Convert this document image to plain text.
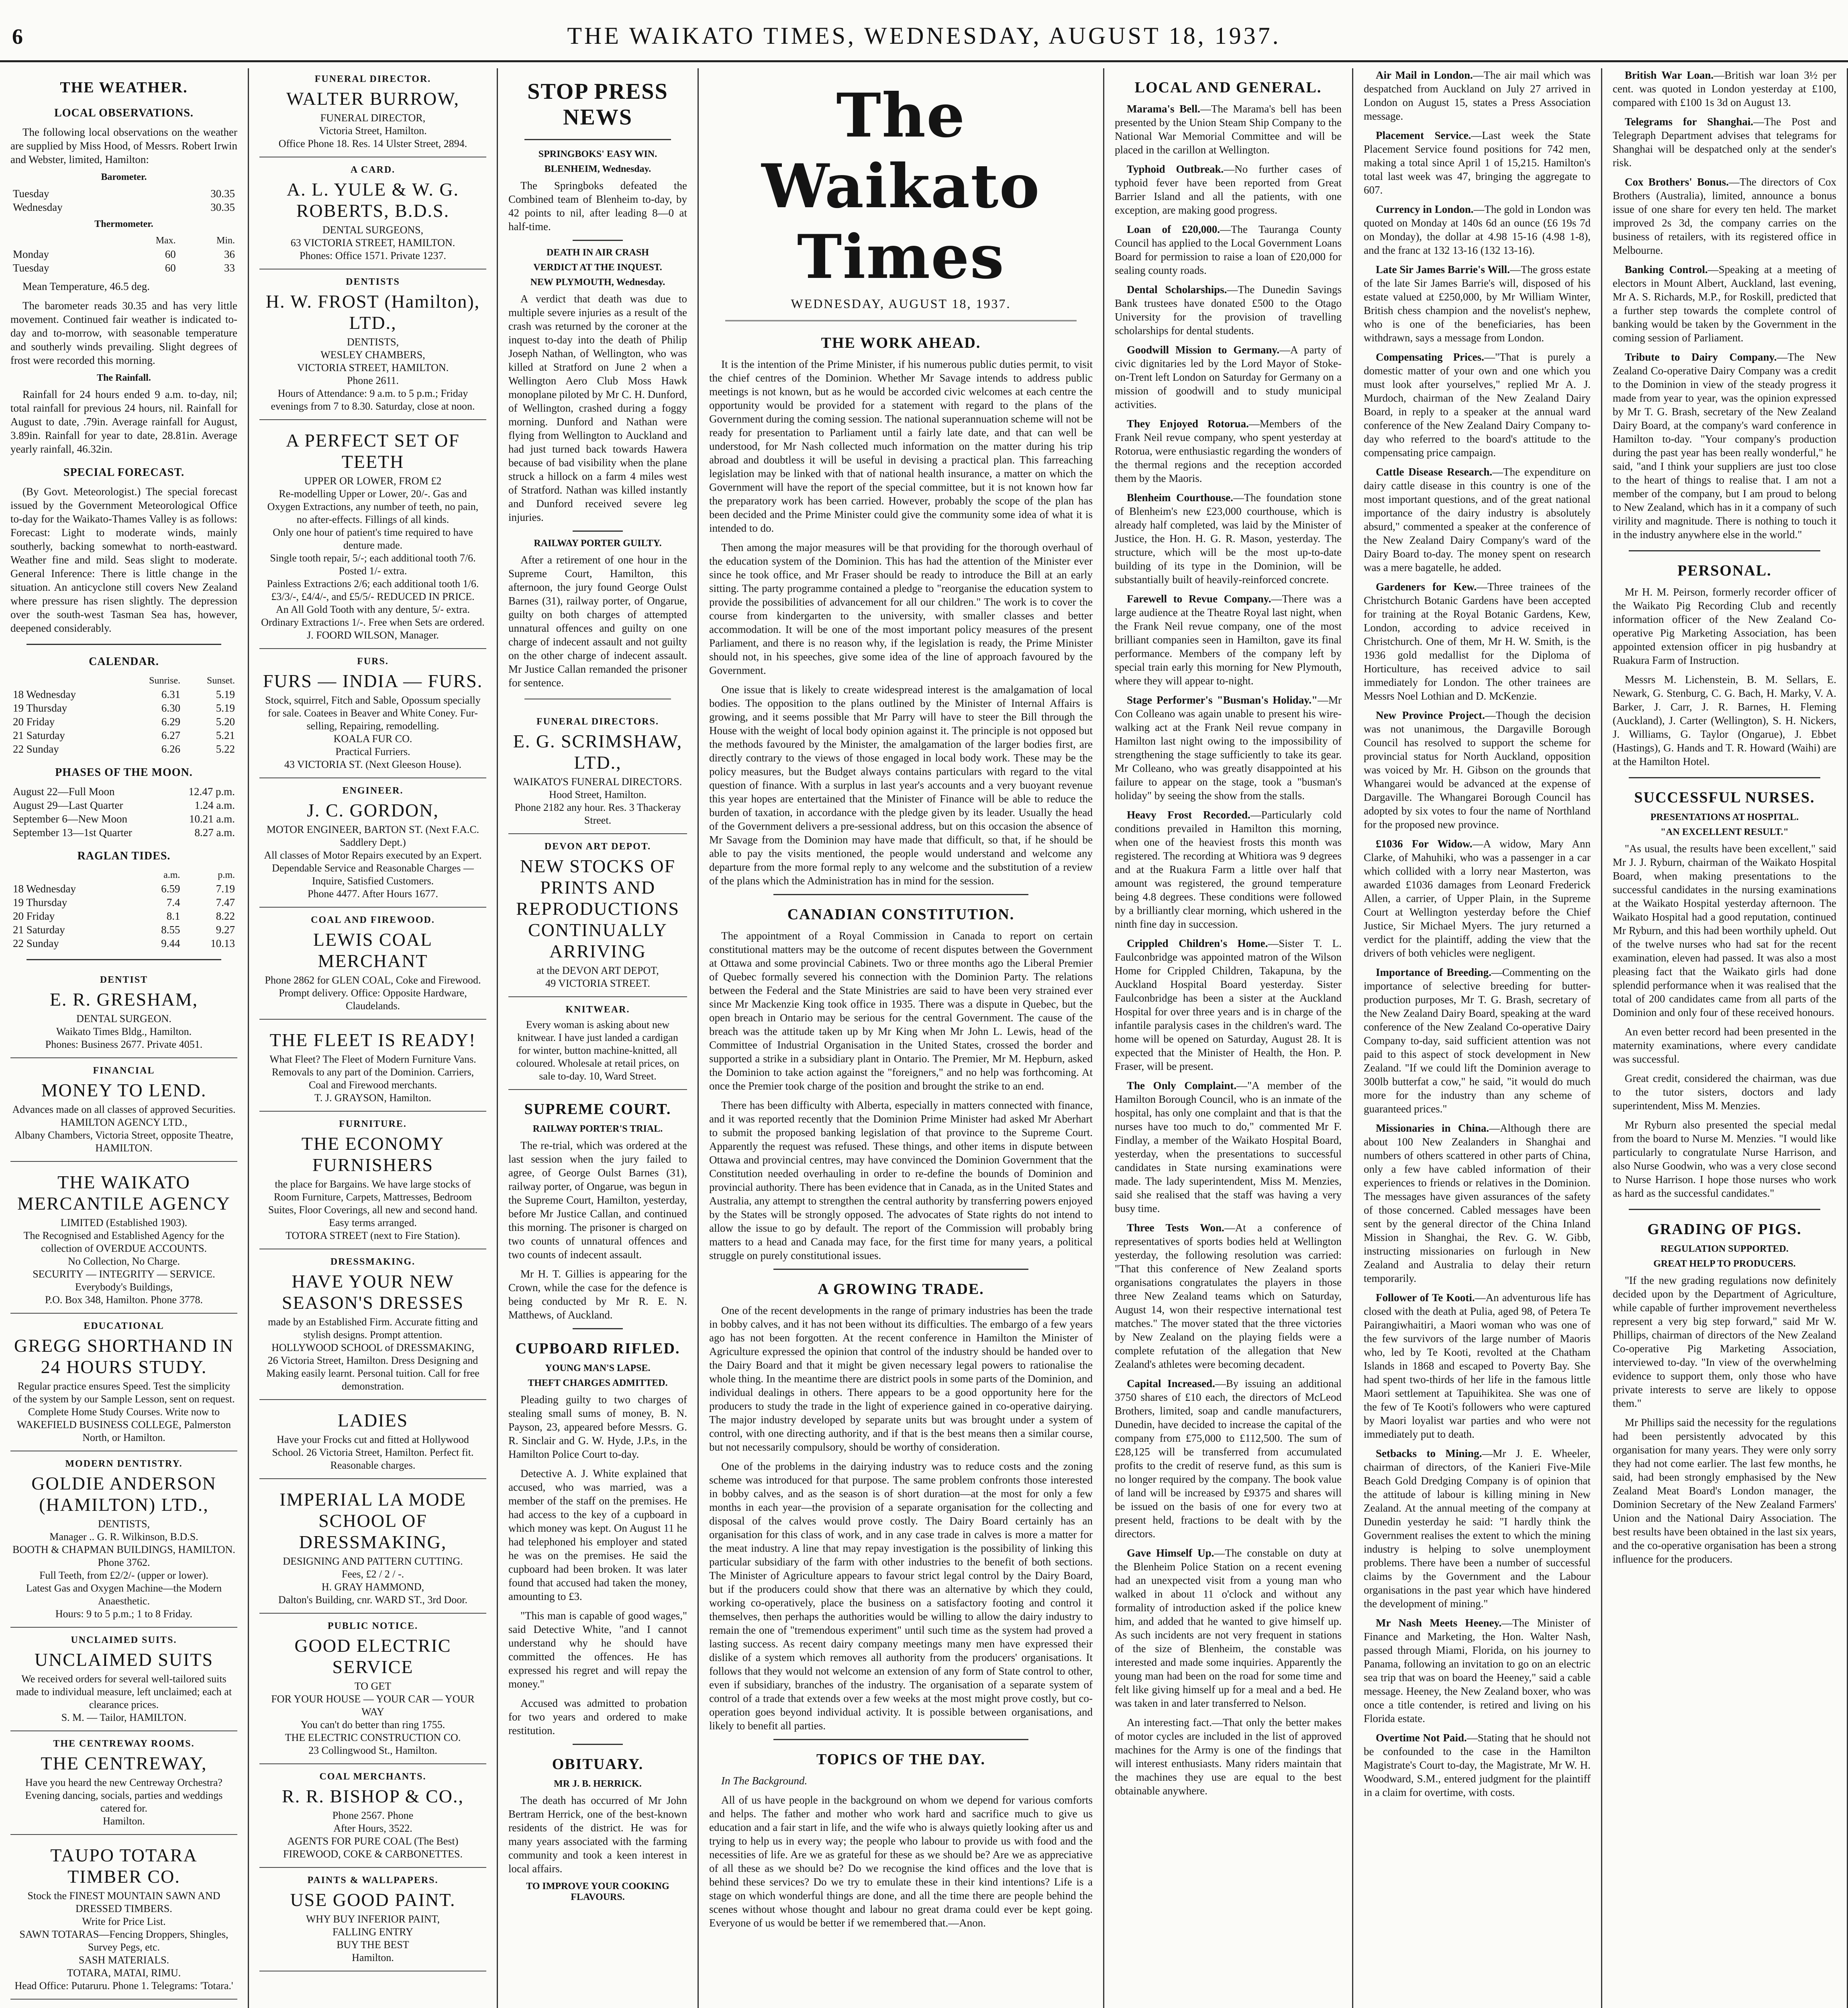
6	THE WAIKATO TIMES, WEDNESDAY, AUGUST 18, 1937.
THE WEATHER.
LOCAL OBSERVATIONS.

The following local observations on the weather are supplied by Miss Hood, of Messrs. Robert Irwin and Webster, limited, Hamilton:

Barometer.
Tuesday	30.35
Wednesday	30.35
Thermometer.
	Max.	Min.
Monday	60	36
Tuesday	60	33

Mean Temperature, 46.5 deg.

The barometer reads 30.35 and has very little movement. Continued fair weather is indicated to-day and to-morrow, with seasonable temperature and southerly winds prevailing. Slight degrees of frost were recorded this morning.

The Rainfall.

Rainfall for 24 hours ended 9 a.m. to-day, nil; total rainfall for previous 24 hours, nil. Rainfall for August to date, .79in. Average rainfall for August, 3.89in. Rainfall for year to date, 28.81in. Average yearly rainfall, 46.32in.

SPECIAL FORECAST.

(By Govt. Meteorologist.) The special forecast issued by the Government Meteorological Office to-day for the Waikato-Thames Valley is as follows: Forecast: Light to moderate winds, mainly southerly, backing somewhat to north-eastward. Weather fine and mild. Seas slight to moderate. General Inference: There is little change in the situation. An anticyclone still covers New Zealand where pressure has risen slightly. The depression over the south-west Tasman Sea has, however, deepened considerably.

CALENDAR.
	Sunrise.	Sunset.
18 Wednesday	6.31	5.19
19 Thursday	6.30	5.19
20 Friday	6.29	5.20
21 Saturday	6.27	5.21
22 Sunday	6.26	5.22
PHASES OF THE MOON.
August 22—Full Moon	12.47 p.m.
August 29—Last Quarter	1.24 a.m.
September 6—New Moon	10.21 a.m.
September 13—1st Quarter	8.27 a.m.
RAGLAN TIDES.
	a.m.	p.m.
18 Wednesday	6.59	7.19
19 Thursday	7.4	7.47
20 Friday	8.1	8.22
21 Saturday	8.55	9.27
22 Sunday	9.44	10.13
DENTIST
E. R. GRESHAM,
DENTAL SURGEON.
Waikato Times Bldg., Hamilton.
Phones: Business 2677. Private 4051.
FINANCIAL
MONEY TO LEND.
Advances made on all classes of approved Securities.
HAMILTON AGENCY LTD.,
Albany Chambers, Victoria Street, opposite Theatre, HAMILTON.
THE WAIKATO MERCANTILE AGENCY
LIMITED (Established 1903).
The Recognised and Established Agency for the collection of OVERDUE ACCOUNTS.
No Collection, No Charge.
SECURITY — INTEGRITY — SERVICE.
Everybody's Buildings,
P.O. Box 348, Hamilton. Phone 3778.
EDUCATIONAL
GREGG SHORTHAND IN 24 HOURS STUDY.
Regular practice ensures Speed. Test the simplicity of the system by our Sample Lesson, sent on request. Complete Home Study Courses. Write now to WAKEFIELD BUSINESS COLLEGE, Palmerston North, or Hamilton.
MODERN DENTISTRY.
GOLDIE ANDERSON (HAMILTON) LTD.,
DENTISTS,
Manager .. G. R. Wilkinson, B.D.S.
BOOTH & CHAPMAN BUILDINGS, HAMILTON. Phone 3762.
Full Teeth, from £2/2/- (upper or lower).
Latest Gas and Oxygen Machine—the Modern Anaesthetic.
Hours: 9 to 5 p.m.; 1 to 8 Friday.
UNCLAIMED SUITS.
UNCLAIMED SUITS
We received orders for several well-tailored suits made to individual measure, left unclaimed; each at clearance prices.
S. M. — Tailor, HAMILTON.
THE CENTREWAY ROOMS.
THE CENTREWAY,
Have you heard the new Centreway Orchestra? Evening dancing, socials, parties and weddings catered for.
Hamilton.
TAUPO TOTARA TIMBER CO.
Stock the FINEST MOUNTAIN SAWN AND DRESSED TIMBERS.
Write for Price List.
SAWN TOTARAS—Fencing Droppers, Shingles, Survey Pegs, etc.
SASH MATERIALS.
TOTARA, MATAI, RIMU.
Head Office: Putaruru. Phone 1. Telegrams: 'Totara.'
FUNERAL DIRECTOR.
WALTER BURROW,
FUNERAL DIRECTOR,
Victoria Street, Hamilton.
Office Phone 18. Res. 14 Ulster Street, 2894.
A CARD.
A. L. YULE & W. G. ROBERTS, B.D.S.
DENTAL SURGEONS,
63 VICTORIA STREET, HAMILTON.
Phones: Office 1571. Private 1237.
DENTISTS
H. W. FROST (Hamilton), LTD.,
DENTISTS,
WESLEY CHAMBERS,
VICTORIA STREET, HAMILTON.
Phone 2611.
Hours of Attendance: 9 a.m. to 5 p.m.; Friday evenings from 7 to 8.30. Saturday, close at noon.
A PERFECT SET OF TEETH
UPPER OR LOWER, FROM £2
Re-modelling Upper or Lower, 20/-. Gas and Oxygen Extractions, any number of teeth, no pain, no after-effects. Fillings of all kinds.
Only one hour of patient's time required to have denture made.
Single tooth repair, 5/-; each additional tooth 7/6. Posted 1/- extra.
Painless Extractions 2/6; each additional tooth 1/6.
£3/3/-, £4/4/-, and £5/5/- REDUCED IN PRICE.
An All Gold Tooth with any denture, 5/- extra.
Ordinary Extractions 1/-. Free when Sets are ordered.
J. FOORD WILSON, Manager.
FURS.
FURS — INDIA — FURS.
Stock, squirrel, Fitch and Sable, Opossum specially for sale. Coatees in Beaver and White Coney. Fur-selling, Repairing, remodelling.
KOALA FUR CO.
Practical Furriers.
43 VICTORIA ST. (Next Gleeson House).
ENGINEER.
J. C. GORDON,
MOTOR ENGINEER, BARTON ST. (Next F.A.C. Saddlery Dept.)
All classes of Motor Repairs executed by an Expert. Dependable Service and Reasonable Charges — Inquire, Satisfied Customers.
Phone 4477. After Hours 1677.
COAL AND FIREWOOD.
LEWIS COAL MERCHANT
Phone 2862 for GLEN COAL, Coke and Firewood. Prompt delivery. Office: Opposite Hardware, Claudelands.
THE FLEET IS READY!
What Fleet? The Fleet of Modern Furniture Vans. Removals to any part of the Dominion. Carriers, Coal and Firewood merchants.
T. J. GRAYSON, Hamilton.
FURNITURE.
THE ECONOMY FURNISHERS
the place for Bargains. We have large stocks of Room Furniture, Carpets, Mattresses, Bedroom Suites, Floor Coverings, all new and second hand. Easy terms arranged.
TOTORA STREET (next to Fire Station).
DRESSMAKING.
HAVE YOUR NEW SEASON'S DRESSES
made by an Established Firm. Accurate fitting and stylish designs. Prompt attention.
HOLLYWOOD SCHOOL of DRESSMAKING,
26 Victoria Street, Hamilton. Dress Designing and Making easily learnt. Personal tuition. Call for free demonstration.
LADIES
Have your Frocks cut and fitted at Hollywood School. 26 Victoria Street, Hamilton. Perfect fit. Reasonable charges.
IMPERIAL LA MODE SCHOOL OF DRESSMAKING,
DESIGNING AND PATTERN CUTTING.
Fees, £2 / 2 / -.
H. GRAY HAMMOND,
Dalton's Building, cnr. WARD ST., 3rd Door.
PUBLIC NOTICE.
GOOD ELECTRIC SERVICE
TO GET
FOR YOUR HOUSE — YOUR CAR — YOUR WAY
You can't do better than ring 1755.
THE ELECTRIC CONSTRUCTION CO.
23 Collingwood St., Hamilton.
COAL MERCHANTS.
R. R. BISHOP & CO.,
Phone 2567. Phone
After Hours, 3522.
AGENTS FOR PURE COAL (The Best)
FIREWOOD, COKE & CARBONETTES.
PAINTS & WALLPAPERS.
USE GOOD PAINT.
WHY BUY INFERIOR PAINT,
FALLING ENTRY
BUY THE BEST
Hamilton.
STOP PRESS NEWS
SPRINGBOKS' EASY WIN.
BLENHEIM, Wednesday.

The Springboks defeated the Combined team of Blenheim to-day, by 42 points to nil, after leading 8—0 at half-time.

DEATH IN AIR CRASH
VERDICT AT THE INQUEST.
NEW PLYMOUTH, Wednesday.

A verdict that death was due to multiple severe injuries as a result of the crash was returned by the coroner at the inquest to-day into the death of Philip Joseph Nathan, of Wellington, who was killed at Stratford on June 2 when a Wellington Aero Club Moss Hawk monoplane piloted by Mr C. H. Dunford, of Wellington, crashed during a foggy morning. Dunford and Nathan were flying from Wellington to Auckland and had just turned back towards Hawera because of bad visibility when the plane struck a hillock on a farm 4 miles west of Stratford. Nathan was killed instantly and Dunford received severe leg injuries.

RAILWAY PORTER GUILTY.

After a retirement of one hour in the Supreme Court, Hamilton, this afternoon, the jury found George Oulst Barnes (31), railway porter, of Ongarue, guilty on both charges of attempted unnatural offences and guilty on one charge of indecent assault and not guilty on the other charge of indecent assault. Mr Justice Callan remanded the prisoner for sentence.

FUNERAL DIRECTORS.
E. G. SCRIMSHAW, LTD.,
WAIKATO'S FUNERAL DIRECTORS.
Hood Street, Hamilton.
Phone 2182 any hour. Res. 3 Thackeray Street.
DEVON ART DEPOT.
NEW STOCKS OF PRINTS AND REPRODUCTIONS CONTINUALLY ARRIVING
at the DEVON ART DEPOT,
49 VICTORIA STREET.
KNITWEAR.
Every woman is asking about new knitwear. I have just landed a cardigan for winter, button machine-knitted, all coloured. Wholesale at retail prices, on sale to-day. 10, Ward Street.
SUPREME COURT.
RAILWAY PORTER'S TRIAL.

The re-trial, which was ordered at the last session when the jury failed to agree, of George Oulst Barnes (31), railway porter, of Ongarue, was begun in the Supreme Court, Hamilton, yesterday, before Mr Justice Callan, and continued this morning. The prisoner is charged on two counts of unnatural offences and two counts of indecent assault.

Mr H. T. Gillies is appearing for the Crown, while the case for the defence is being conducted by Mr R. E. N. Matthews, of Auckland.

CUPBOARD RIFLED.
YOUNG MAN'S LAPSE.
THEFT CHARGES ADMITTED.

Pleading guilty to two charges of stealing small sums of money, B. N. Payson, 23, appeared before Messrs. G. R. Sinclair and G. W. Hyde, J.P.s, in the Hamilton Police Court to-day.

Detective A. J. White explained that accused, who was married, was a member of the staff on the premises. He had access to the key of a cupboard in which money was kept. On August 11 he had telephoned his employer and stated he was on the premises. He said the cupboard had been broken. It was later found that accused had taken the money, amounting to £3.

"This man is capable of good wages," said Detective White, "and I cannot understand why he should have committed the offences. He has expressed his regret and will repay the money."

Accused was admitted to probation for two years and ordered to make restitution.

OBITUARY.
MR J. B. HERRICK.

The death has occurred of Mr John Bertram Herrick, one of the best-known residents of the district. He was for many years associated with the farming community and took a keen interest in local affairs.

TO IMPROVE YOUR COOKING FLAVOURS.
The Waikato Times
WEDNESDAY, AUGUST 18, 1937.
THE WORK AHEAD.

It is the intention of the Prime Minister, if his numerous public duties permit, to visit the chief centres of the Dominion. Whether Mr Savage intends to address public meetings is not known, but as he would be accorded civic welcomes at each centre the opportunity would be provided for a statement with regard to the plans of the Government during the coming session. The national superannuation scheme will not be ready for presentation to Parliament until a fairly late date, and that can well be understood, for Mr Nash collected much information on the matter during his trip abroad and doubtless it will be useful in devising a practical plan. This farreaching legislation may be linked with that of national health insurance, a matter on which the Government will have the report of the special committee, but it is not known how far the preparatory work has been carried. However, probably the scope of the plan has been decided and the Prime Minister could give the community some idea of what it is intended to do.

Then among the major measures will be that providing for the thorough overhaul of the education system of the Dominion. This has had the attention of the Minister ever since he took office, and Mr Fraser should be ready to introduce the Bill at an early sitting. The party programme contained a pledge to "reorganise the education system to provide the possibilities of advancement for all our children." The work is to cover the course from kindergarten to the university, with smaller classes and better accommodation. It will be one of the most important policy measures of the present Parliament, and there is no reason why, if the legislation is ready, the Prime Minister should not, in his speeches, give some idea of the line of approach favoured by the Government.

One issue that is likely to create widespread interest is the amalgamation of local bodies. The opposition to the plans outlined by the Minister of Internal Affairs is growing, and it seems possible that Mr Parry will have to steer the Bill through the House with the weight of local body opinion against it. The principle is not opposed but the methods favoured by the Minister, the amalgamation of the larger bodies first, are directly contrary to the views of those engaged in local body work. These may be the policy measures, but the Budget always contains particulars with regard to the vital question of finance. With a surplus in last year's accounts and a very buoyant revenue this year hopes are entertained that the Minister of Finance will be able to reduce the burden of taxation, in accordance with the pledge given by its leader. Usually the head of the Government delivers a pre-sessional address, but on this occasion the absence of Mr Savage from the Dominion may have made that difficult, so that, if he should be able to pay the visits mentioned, the people would understand and welcome any departure from the more formal reply to any welcome and the substitution of a review of the plans which the Administration has in mind for the session.

CANADIAN CONSTITUTION.

The appointment of a Royal Commission in Canada to report on certain constitutional matters may be the outcome of recent disputes between the Government at Ottawa and some provincial Cabinets. Two or three months ago the Liberal Premier of Quebec formally severed his connection with the Dominion Party. The relations between the Federal and the State Ministries are said to have been very strained ever since Mr Mackenzie King took office in 1935. There was a dispute in Quebec, but the open breach in Ontario may be serious for the central Government. The cause of the breach was the attitude taken up by Mr King when Mr John L. Lewis, head of the Committee of Industrial Organisation in the United States, crossed the border and supported a strike in a subsidiary plant in Ontario. The Premier, Mr M. Hepburn, asked the Dominion to take action against the "foreigners," and no help was forthcoming. At once the Premier took charge of the position and brought the strike to an end.

There has been difficulty with Alberta, especially in matters connected with finance, and it was reported recently that the Dominion Prime Minister had asked Mr Aberhart to submit the proposed banking legislation of that province to the Supreme Court. Apparently the request was refused. These things, and other items in dispute between Ottawa and provincial centres, may have convinced the Dominion Government that the Constitution needed overhauling in order to re-define the bounds of Dominion and provincial authority. There has been evidence that in Canada, as in the United States and Australia, any attempt to strengthen the central authority by transferring powers enjoyed by the States will be strongly opposed. The advocates of State rights do not intend to allow the issue to go by default. The report of the Commission will probably bring matters to a head and Canada may face, for the first time for many years, a political struggle on purely constitutional issues.

A GROWING TRADE.

One of the recent developments in the range of primary industries has been the trade in bobby calves, and it has not been without its difficulties. The embargo of a few years ago has not been forgotten. At the recent conference in Hamilton the Minister of Agriculture expressed the opinion that control of the industry should be handed over to the Dairy Board and that it might be given necessary legal powers to rationalise the whole thing. In the meantime there are district pools in some parts of the Dominion, and individual dealings in others. There appears to be a good opportunity here for the producers to study the trade in the light of experience gained in co-operative dairying. The major industry developed by separate units but was brought under a system of control, with one directing authority, and if that is the best means then a similar course, but not necessarily compulsory, should be worthy of consideration.

One of the problems in the dairying industry was to reduce costs and the zoning scheme was introduced for that purpose. The same problem confronts those interested in bobby calves, and as the season is of short duration—at the most for only a few months in each year—the provision of a separate organisation for the collecting and disposal of the calves would prove costly. The Dairy Board certainly has an organisation for this class of work, and in any case trade in calves is more a matter for the meat industry. A line that may repay investigation is the possibility of linking this particular subsidiary of the farm with other industries to the benefit of both sections. The Minister of Agriculture appears to favour strict legal control by the Dairy Board, but if the producers could show that there was an alternative by which they could, working co-operatively, place the business on a satisfactory footing and control it themselves, then perhaps the authorities would be willing to allow the dairy industry to remain the one of "tremendous experiment" until such time as the system had proved a lasting success. As recent dairy company meetings many men have expressed their dislike of a system which removes all authority from the producers' organisations. It follows that they would not welcome an extension of any form of State control to other, even if subsidiary, branches of the industry. The organisation of a separate system of control of a trade that extends over a few weeks at the most might prove costly, but co-operation goes beyond individual activity. It is possible between organisations, and likely to benefit all parties.

TOPICS OF THE DAY.

In The Background.

All of us have people in the background on whom we depend for various comforts and helps. The father and mother who work hard and sacrifice much to give us education and a fair start in life, and the wife who is always quietly looking after us and trying to help us in every way; the people who labour to provide us with food and the necessities of life. Are we as grateful for these as we should be? Are we as appreciative of all these as we should be? Do we recognise the kind offices and the love that is behind these services? Do we try to emulate these in their kind intentions? Life is a stage on which wonderful things are done, and all the time there are people behind the scenes without whose thought and labour no great drama could ever be kept going. Everyone of us would be better if we remembered that.—Anon.

LOCAL AND GENERAL.

Marama's Bell.—The Marama's bell has been presented by the Union Steam Ship Company to the National War Memorial Committee and will be placed in the carillon at Wellington.

Typhoid Outbreak.—No further cases of typhoid fever have been reported from Great Barrier Island and all the patients, with one exception, are making good progress.

Loan of £20,000.—The Tauranga County Council has applied to the Local Government Loans Board for permission to raise a loan of £20,000 for sealing county roads.

Dental Scholarships.—The Dunedin Savings Bank trustees have donated £500 to the Otago University for the provision of travelling scholarships for dental students.

Goodwill Mission to Germany.—A party of civic dignitaries led by the Lord Mayor of Stoke-on-Trent left London on Saturday for Germany on a mission of goodwill and to study municipal activities.

They Enjoyed Rotorua.—Members of the Frank Neil revue company, who spent yesterday at Rotorua, were enthusiastic regarding the wonders of the thermal regions and the reception accorded them by the Maoris.

Blenheim Courthouse.—The foundation stone of Blenheim's new £23,000 courthouse, which is already half completed, was laid by the Minister of Justice, the Hon. H. G. R. Mason, yesterday. The structure, which will be the most up-to-date building of its type in the Dominion, will be substantially built of heavily-reinforced concrete.

Farewell to Revue Company.—There was a large audience at the Theatre Royal last night, when the Frank Neil revue company, one of the most brilliant companies seen in Hamilton, gave its final performance. Members of the company left by special train early this morning for New Plymouth, where they will appear to-night.

Stage Performer's "Busman's Holiday."—Mr Con Colleano was again unable to present his wire-walking act at the Frank Neil revue company in Hamilton last night owing to the impossibility of strengthening the stage sufficiently to take its gear. Mr Colleano, who was greatly disappointed at his failure to appear on the stage, took a "busman's holiday" by seeing the show from the stalls.

Heavy Frost Recorded.—Particularly cold conditions prevailed in Hamilton this morning, when one of the heaviest frosts this month was registered. The recording at Whitiora was 9 degrees and at the Ruakura Farm a little over half that amount was registered, the ground temperature being 4.8 degrees. These conditions were followed by a brilliantly clear morning, which ushered in the ninth fine day in succession.

Crippled Children's Home.—Sister T. L. Faulconbridge was appointed matron of the Wilson Home for Crippled Children, Takapuna, by the Auckland Hospital Board yesterday. Sister Faulconbridge has been a sister at the Auckland Hospital for over three years and is in charge of the infantile paralysis cases in the children's ward. The home will be opened on Saturday, August 28. It is expected that the Minister of Health, the Hon. P. Fraser, will be present.

The Only Complaint.—"A member of the Hamilton Borough Council, who is an inmate of the hospital, has only one complaint and that is that the nurses have too much to do," commented Mr F. Findlay, a member of the Waikato Hospital Board, yesterday, when the presentations to successful candidates in State nursing examinations were made. The lady superintendent, Miss M. Menzies, said she realised that the staff was having a very busy time.

Three Tests Won.—At a conference of representatives of sports bodies held at Wellington yesterday, the following resolution was carried: "That this conference of New Zealand sports organisations congratulates the players in those three New Zealand teams which on Saturday, August 14, won their respective international test matches." The mover stated that the three victories by New Zealand on the playing fields were a complete refutation of the allegation that New Zealand's athletes were becoming decadent.

Capital Increased.—By issuing an additional 3750 shares of £10 each, the directors of McLeod Brothers, limited, soap and candle manufacturers, Dunedin, have decided to increase the capital of the company from £75,000 to £112,500. The sum of £28,125 will be transferred from accumulated profits to the credit of reserve fund, as this sum is no longer required by the company. The book value of land will be increased by £9375 and shares will be issued on the basis of one for every two at present held, fractions to be dealt with by the directors.

Gave Himself Up.—The constable on duty at the Blenheim Police Station on a recent evening had an unexpected visit from a young man who walked in about 11 o'clock and without any formality of introduction asked if the police knew him, and added that he wanted to give himself up. As such incidents are not very frequent in stations of the size of Blenheim, the constable was interested and made some inquiries. Apparently the young man had been on the road for some time and felt like giving himself up for a meal and a bed. He was taken in and later transferred to Nelson.

An interesting fact.—That only the better makes of motor cycles are included in the list of approved machines for the Army is one of the findings that will interest enthusiasts. Many riders maintain that the machines they use are equal to the best obtainable anywhere.

Air Mail in London.—The air mail which was despatched from Auckland on July 27 arrived in London on August 15, states a Press Association message.

Placement Service.—Last week the State Placement Service found positions for 742 men, making a total since April 1 of 15,215. Hamilton's total last week was 47, bringing the aggregate to 607.

Currency in London.—The gold in London was quoted on Monday at 140s 6d an ounce (£6 19s 7d on Monday), the dollar at 4.98 15-16 (4.98 1-8), and the franc at 132 13-16 (132 13-16).

Late Sir James Barrie's Will.—The gross estate of the late Sir James Barrie's will, disposed of his estate valued at £250,000, by Mr William Winter, British chess champion and the novelist's nephew, who is one of the beneficiaries, has been withdrawn, says a message from London.

Compensating Prices.—"That is purely a domestic matter of your own and one which you must look after yourselves," replied Mr A. J. Murdoch, chairman of the New Zealand Dairy Board, in reply to a speaker at the annual ward conference of the New Zealand Dairy Company to-day who referred to the board's attitude to the compensating price campaign.

Cattle Disease Research.—The expenditure on dairy cattle disease in this country is one of the most important questions, and of the great national importance of the dairy industry is absolutely absurd," commented a speaker at the conference of the New Zealand Dairy Company's ward of the Dairy Board to-day. The money spent on research was a mere bagatelle, he added.

Gardeners for Kew.—Three trainees of the Christchurch Botanic Gardens have been accepted for training at the Royal Botanic Gardens, Kew, London, according to advice received in Christchurch. One of them, Mr H. W. Smith, is the 1936 gold medallist for the Diploma of Horticulture, has received advice to sail immediately for London. The other trainees are Messrs Noel Lothian and D. McKenzie.

New Province Project.—Though the decision was not unanimous, the Dargaville Borough Council has resolved to support the scheme for provincial status for North Auckland, opposition was voiced by Mr. H. Gibson on the grounds that Whangarei would be advanced at the expense of Dargaville. The Whangarei Borough Council has adopted by six votes to four the name of Northland for the proposed new province.

£1036 For Widow.—A widow, Mary Ann Clarke, of Mahuhiki, who was a passenger in a car which collided with a lorry near Masterton, was awarded £1036 damages from Leonard Frederick Allen, a carrier, of Upper Plain, in the Supreme Court at Wellington yesterday before the Chief Justice, Sir Michael Myers. The jury returned a verdict for the plaintiff, adding the view that the drivers of both vehicles were negligent.

Importance of Breeding.—Commenting on the importance of selective breeding for butter-production purposes, Mr T. G. Brash, secretary of the New Zealand Dairy Board, speaking at the ward conference of the New Zealand Co-operative Dairy Company to-day, said sufficient attention was not paid to this aspect of stock development in New Zealand. "If we could lift the Dominion average to 300lb butterfat a cow," he said, "it would do much more for the industry than any scheme of guaranteed prices."

Missionaries in China.—Although there are about 100 New Zealanders in Shanghai and numbers of others scattered in other parts of China, only a few have cabled information of their experiences to friends or relatives in the Dominion. The messages have given assurances of the safety of those concerned. Cabled messages have been sent by the general director of the China Inland Mission in Shanghai, the Rev. G. W. Gibb, instructing missionaries on furlough in New Zealand and Australia to delay their return temporarily.

Follower of Te Kooti.—An adventurous life has closed with the death at Pulia, aged 98, of Petera Te Pairangiwhaitiri, a Maori woman who was one of the few survivors of the large number of Maoris who, led by Te Kooti, revolted at the Chatham Islands in 1868 and escaped to Poverty Bay. She had spent two-thirds of her life in the famous little Maori settlement at Tapuihikitea. She was one of the few of Te Kooti's followers who were captured by Maori loyalist war parties and who were not immediately put to death.

Setbacks to Mining.—Mr J. E. Wheeler, chairman of directors, of the Kanieri Five-Mile Beach Gold Dredging Company is of opinion that the attitude of labour is killing mining in New Zealand. At the annual meeting of the company at Dunedin yesterday he said: "I hardly think the Government realises the extent to which the mining industry is helping to solve unemployment problems. There have been a number of successful claims by the Government and the Labour organisations in the past year which have hindered the development of mining."

Mr Nash Meets Heeney.—The Minister of Finance and Marketing, the Hon. Walter Nash, passed through Miami, Florida, on his journey to Panama, following an invitation to go on an electric sea trip that was on board the Heeney," said a cable message. Heeney, the New Zealand boxer, who was once a title contender, is retired and living on his Florida estate.

Overtime Not Paid.—Stating that he should not be confounded to the case in the Hamilton Magistrate's Court to-day, the Magistrate, Mr W. H. Woodward, S.M., entered judgment for the plaintiff in a claim for overtime, with costs.

British War Loan.—British war loan 3½ per cent. was quoted in London yesterday at £100, compared with £100 1s 3d on August 13.

Telegrams for Shanghai.—The Post and Telegraph Department advises that telegrams for Shanghai will be despatched only at the sender's risk.

Cox Brothers' Bonus.—The directors of Cox Brothers (Australia), limited, announce a bonus issue of one share for every ten held. The market improved 2s 3d, the company carries on the business of retailers, with its registered office in Melbourne.

Banking Control.—Speaking at a meeting of electors in Mount Albert, Auckland, last evening, Mr A. S. Richards, M.P., for Roskill, predicted that a further step towards the complete control of banking would be taken by the Government in the coming session of Parliament.

Tribute to Dairy Company.—The New Zealand Co-operative Dairy Company was a credit to the Dominion in view of the steady progress it made from year to year, was the opinion expressed by Mr T. G. Brash, secretary of the New Zealand Dairy Board, at the company's ward conference in Hamilton to-day. "Your company's production during the past year has been really wonderful," he said, "and I think your suppliers are just too close to the heart of things to realise that. I am not a member of the company, but I am proud to belong to New Zealand, which has in it a company of such virility and magnitude. There is nothing to touch it in the industry anywhere else in the world."

PERSONAL.

Mr H. M. Peirson, formerly recorder officer of the Waikato Pig Recording Club and recently information officer of the New Zealand Co-operative Pig Marketing Association, has been appointed extension officer in pig husbandry at Ruakura Farm of Instruction.

Messrs M. Lichenstein, B. M. Sellars, E. Newark, G. Stenburg, C. G. Bach, H. Marky, V. A. Barker, J. Carr, J. R. Barnes, H. Fleming (Auckland), J. Carter (Wellington), S. H. Nickers, J. Williams, G. Taylor (Ongarue), J. Ebbet (Hastings), G. Hands and T. R. Howard (Waihi) are at the Hamilton Hotel.

SUCCESSFUL NURSES.
PRESENTATIONS AT HOSPITAL.
"AN EXCELLENT RESULT."

"As usual, the results have been excellent," said Mr J. J. Ryburn, chairman of the Waikato Hospital Board, when making presentations to the successful candidates in the nursing examinations at the Waikato Hospital yesterday afternoon. The Waikato Hospital had a good reputation, continued Mr Ryburn, and this had been worthily upheld. Out of the twelve nurses who had sat for the recent examination, eleven had passed. It was also a most pleasing fact that the Waikato girls had done splendid performance when it was realised that the total of 200 candidates came from all parts of the Dominion and only four of these received honours.

An even better record had been presented in the maternity examinations, where every candidate was successful.

Great credit, considered the chairman, was due to the tutor sisters, doctors and lady superintendent, Miss M. Menzies.

Mr Ryburn also presented the special medal from the board to Nurse M. Menzies. "I would like particularly to congratulate Nurse Harrison, and also Nurse Goodwin, who was a very close second to Nurse Harrison. I hope those nurses who work as hard as the successful candidates."

GRADING OF PIGS.
REGULATION SUPPORTED.
GREAT HELP TO PRODUCERS.

"If the new grading regulations now definitely decided upon by the Department of Agriculture, while capable of further improvement nevertheless represent a very big step forward," said Mr W. Phillips, chairman of directors of the New Zealand Co-operative Pig Marketing Association, interviewed to-day. "In view of the overwhelming evidence to support them, only those who have private interests to serve are likely to oppose them."

Mr Phillips said the necessity for the regulations had been persistently advocated by this organisation for many years. They were only sorry they had not come earlier. The last few months, he said, had been strongly emphasised by the New Zealand Meat Board's London manager, the Dominion Secretary of the New Zealand Farmers' Union and the National Dairy Association. The best results have been obtained in the last six years, and the co-operative organisation has been a strong influence for the producers.
